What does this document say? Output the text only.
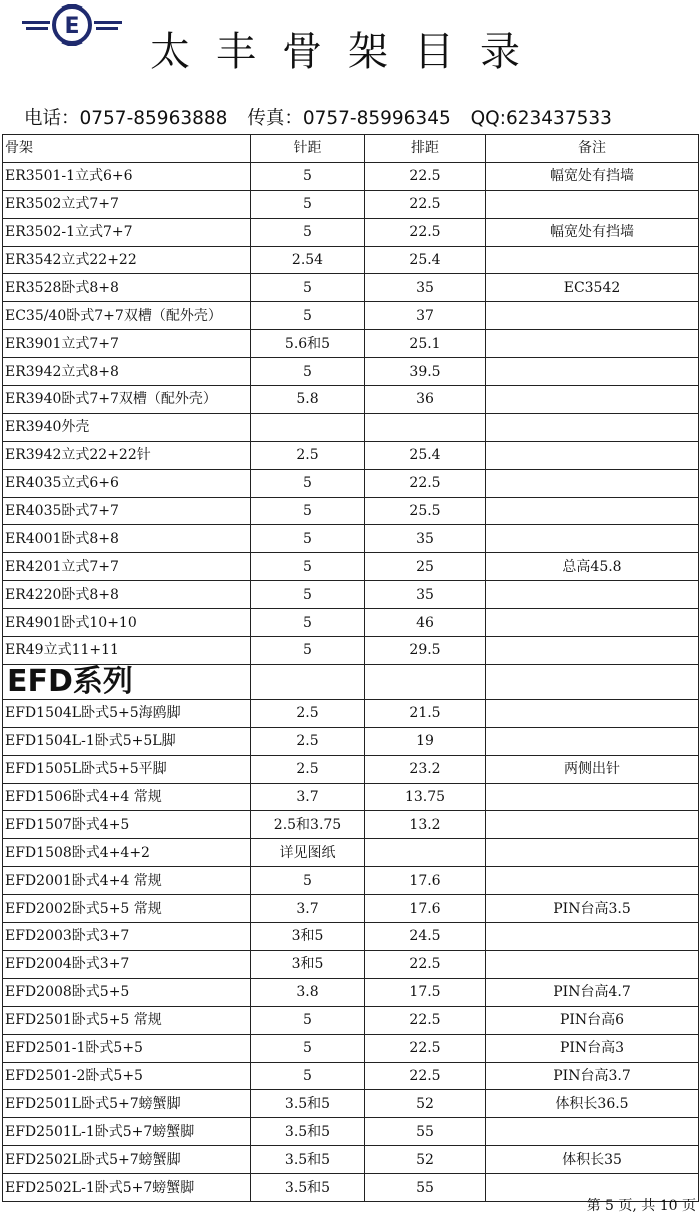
E
太丰骨架目录
电话：0757-85963888 传真：0757-85996345 QQ:623437533
骨架	针距	排距	备注
ER3501-1立式6+6	5	22.5	幅宽处有挡墙
ER3502立式7+7	5	22.5	
ER3502-1立式7+7	5	22.5	幅宽处有挡墙
ER3542立式22+22	2.54	25.4	
ER3528卧式8+8	5	35	EC3542
EC35/40卧式7+7双槽（配外壳）	5	37	
ER3901立式7+7	5.6和5	25.1	
ER3942立式8+8	5	39.5	
ER3940卧式7+7双槽（配外壳）	5.8	36	
ER3940外壳			
ER3942立式22+22针	2.5	25.4	
ER4035立式6+6	5	22.5	
ER4035卧式7+7	5	25.5	
ER4001卧式8+8	5	35	
ER4201立式7+7	5	25	总高45.8
ER4220卧式8+8	5	35	
ER4901卧式10+10	5	46	
ER49立式11+11	5	29.5	
EFD系列			
EFD1504L卧式5+5海鸥脚	2.5	21.5	
EFD1504L-1卧式5+5L脚	2.5	19	
EFD1505L卧式5+5平脚	2.5	23.2	两侧出针
EFD1506卧式4+4 常规	3.7	13.75	
EFD1507卧式4+5	2.5和3.75	13.2	
EFD1508卧式4+4+2	详见图纸		
EFD2001卧式4+4 常规	5	17.6	
EFD2002卧式5+5 常规	3.7	17.6	PIN台高3.5
EFD2003卧式3+7	3和5	24.5	
EFD2004卧式3+7	3和5	22.5	
EFD2008卧式5+5	3.8	17.5	PIN台高4.7
EFD2501卧式5+5 常规	5	22.5	PIN台高6
EFD2501-1卧式5+5	5	22.5	PIN台高3
EFD2501-2卧式5+5	5	22.5	PIN台高3.7
EFD2501L卧式5+7螃蟹脚	3.5和5	52	体积长36.5
EFD2501L-1卧式5+7螃蟹脚	3.5和5	55	
EFD2502L卧式5+7螃蟹脚	3.5和5	52	体积长35
EFD2502L-1卧式5+7螃蟹脚	3.5和5	55	
第 5 页, 共 10 页
